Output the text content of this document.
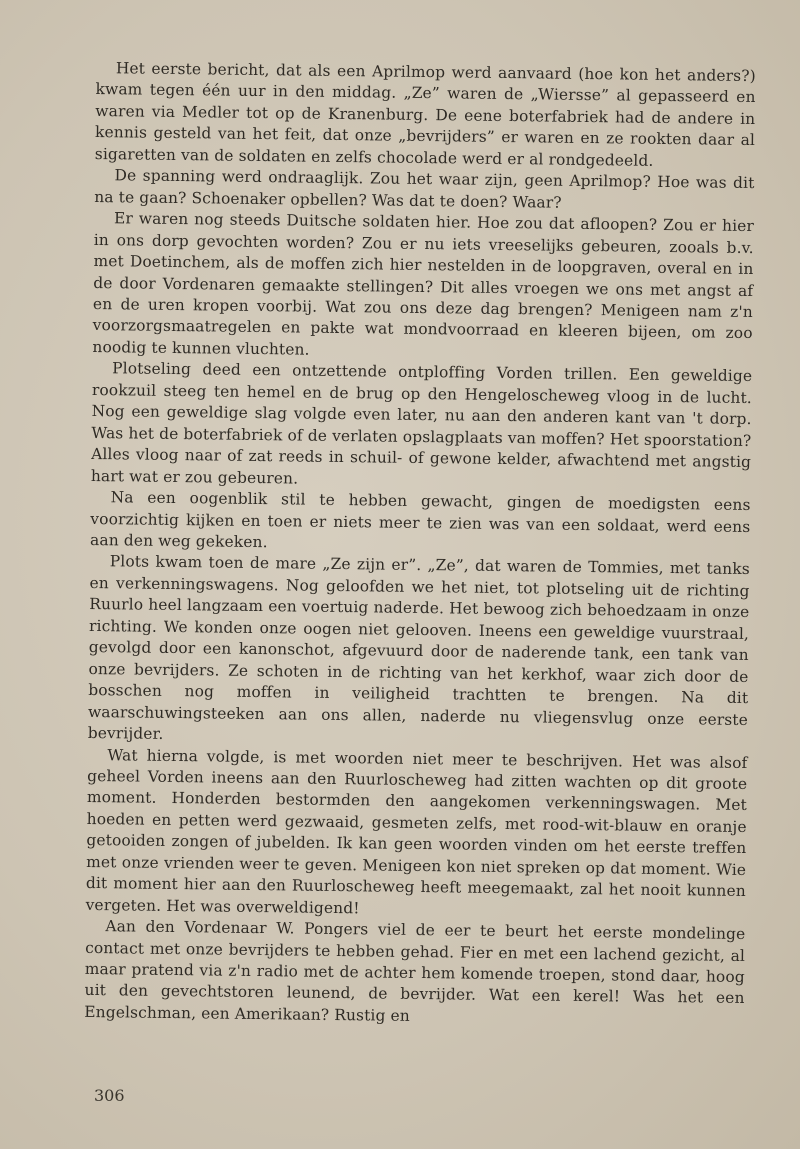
Het eerste bericht, dat als een Aprilmop werd aanvaard (hoe kon het anders?) kwam tegen één uur in den middag. „Ze” waren de „Wiersse” al gepasseerd en waren via Medler tot op de Kranenburg. De eene boterfabriek had de andere in kennis gesteld van het feit, dat onze „bevrijders” er waren en ze rookten daar al sigaretten van de soldaten en zelfs chocolade werd er al rondgedeeld.

De spanning werd ondraaglijk. Zou het waar zijn, geen Aprilmop? Hoe was dit na te gaan? Schoenaker opbellen? Was dat te doen? Waar?

Er waren nog steeds Duitsche soldaten hier. Hoe zou dat afloopen? Zou er hier in ons dorp gevochten worden? Zou er nu iets vreeselijks gebeuren, zooals b.v. met Doetinchem, als de moffen zich hier nestelden in de loopgraven, overal en in de door Vordenaren gemaakte stellingen? Dit alles vroegen we ons met angst af en de uren kropen voorbij. Wat zou ons deze dag brengen? Menigeen nam z'n voorzorgsmaatregelen en pakte wat mondvoorraad en kleeren bijeen, om zoo noodig te kunnen vluchten.

Plotseling deed een ontzettende ontploffing Vorden trillen. Een geweldige rookzuil steeg ten hemel en de brug op den Hengeloscheweg vloog in de lucht. Nog een geweldige slag volgde even later, nu aan den anderen kant van 't dorp. Was het de boterfabriek of de verlaten opslagplaats van moffen? Het spoorstation? Alles vloog naar of zat reeds in schuil- of gewone kelder, afwachtend met angstig hart wat er zou gebeuren.

Na een oogenblik stil te hebben gewacht, gingen de moedigsten eens voorzichtig kijken en toen er niets meer te zien was van een soldaat, werd eens aan den weg gekeken.

Plots kwam toen de mare „Ze zijn er”. „Ze”, dat waren de Tommies, met tanks en verkenningswagens. Nog geloofden we het niet, tot plotseling uit de richting Ruurlo heel langzaam een voertuig naderde. Het bewoog zich behoedzaam in onze richting. We konden onze oogen niet gelooven. Ineens een geweldige vuurstraal, gevolgd door een kanonschot, afgevuurd door de naderende tank, een tank van onze bevrijders. Ze schoten in de richting van het kerkhof, waar zich door de bosschen nog moffen in veiligheid trachtten te brengen. Na dit waarschuwingsteeken aan ons allen, naderde nu vliegensvlug onze eerste bevrijder.

Wat hierna volgde, is met woorden niet meer te beschrijven. Het was alsof geheel Vorden ineens aan den Ruurloscheweg had zitten wachten op dit groote moment. Honderden bestormden den aangekomen verkenningswagen. Met hoeden en petten werd gezwaaid, gesmeten zelfs, met rood-wit-blauw en oranje getooiden zongen of jubelden. Ik kan geen woorden vinden om het eerste treffen met onze vrienden weer te geven. Menigeen kon niet spreken op dat moment. Wie dit moment hier aan den Ruurloscheweg heeft meegemaakt, zal het nooit kunnen vergeten. Het was overweldigend!

Aan den Vordenaar W. Pongers viel de eer te beurt het eerste mondelinge contact met onze bevrijders te hebben gehad. Fier en met een lachend gezicht, al maar pratend via z'n radio met de achter hem komende troepen, stond daar, hoog uit den gevechtstoren leunend, de bevrijder. Wat een kerel! Was het een Engelschman, een Amerikaan? Rustig en

306
